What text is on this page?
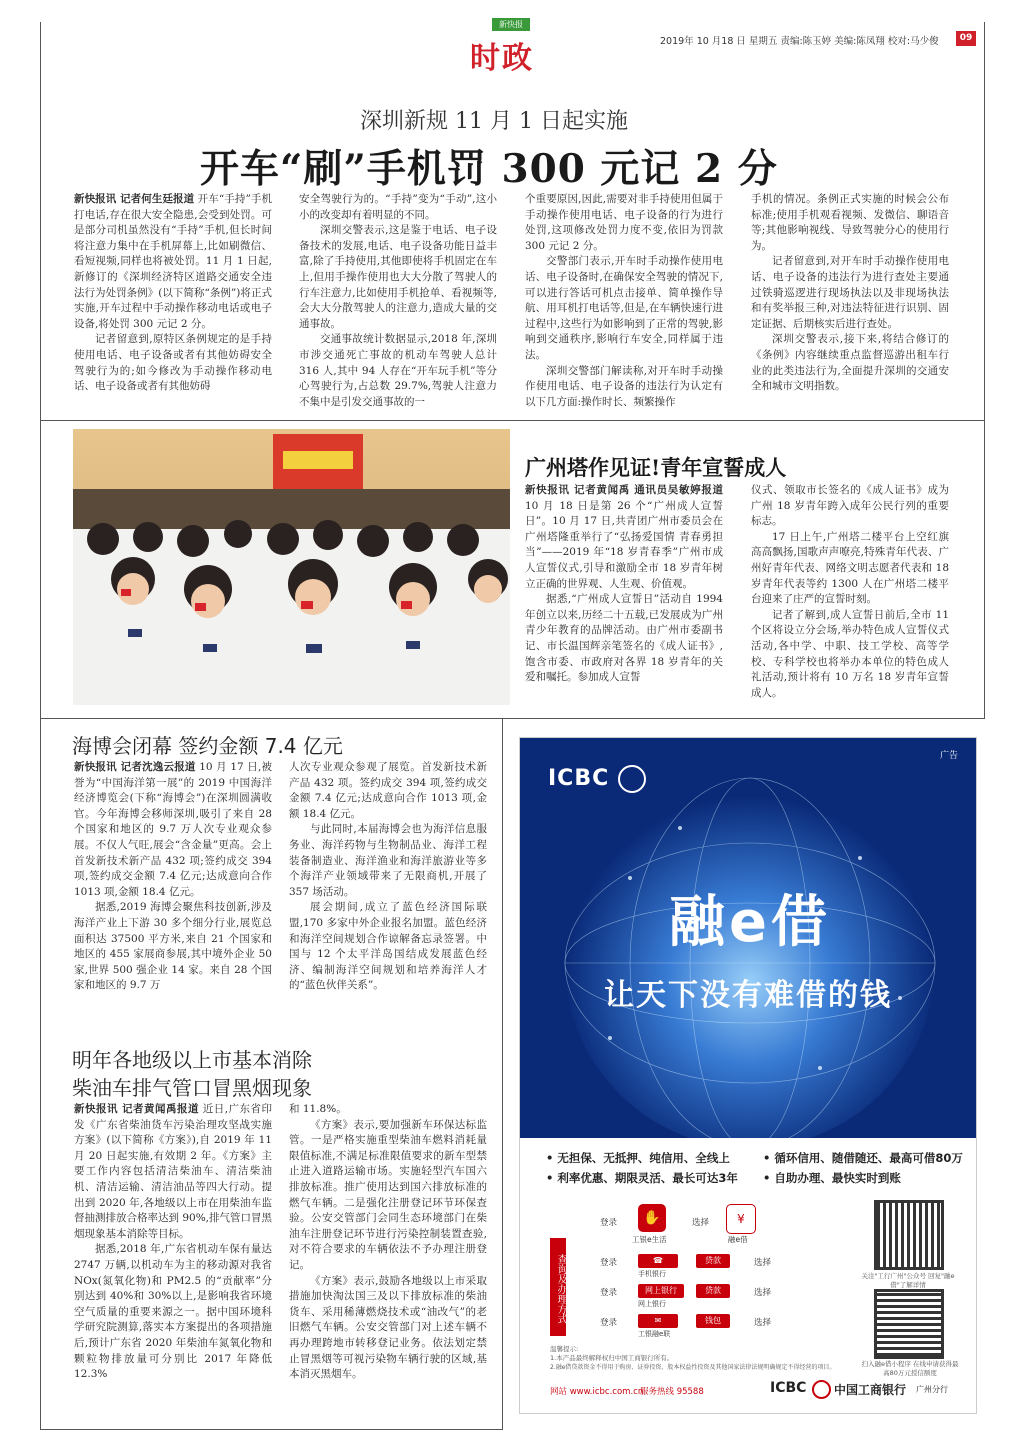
新快报
时政	2019年 10 月18 日 星期五 责编:陈玉婷 美编:陈凤翔 校对:马少俊	09
深圳新规 11 月 1 日起实施
开车“刷”手机罚 300 元记 2 分

新快报讯 记者何生廷报道 开车“手持”手机打电话,存在很大安全隐患,会受到处罚。可是部分司机虽然没有“手持”手机,但长时间将注意力集中在手机屏幕上,比如刷微信、看短视频,同样也将被处罚。11 月 1 日起,新修订的《深圳经济特区道路交通安全违法行为处罚条例》(以下简称“条例”)将正式实施,开车过程中手动操作移动电话或电子设备,将处罚 300 元记 2 分。

记者留意到,原特区条例规定的是手持使用电话、电子设备或者有其他妨碍安全驾驶行为的;如今修改为手动操作移动电话、电子设备或者有其他妨碍

安全驾驶行为的。“手持”变为“手动”,这小小的改变却有着明显的不同。

深圳交警表示,这是鉴于电话、电子设备技术的发展,电话、电子设备功能日益丰富,除了手持使用,其他即使将手机固定在车上,但用手操作使用也大大分散了驾驶人的行车注意力,比如使用手机抢单、看视频等,会大大分散驾驶人的注意力,造成大量的交通事故。

交通事故统计数据显示,2018 年,深圳市涉交通死亡事故的机动车驾驶人总计 316 人,其中 94 人存在“开车玩手机”等分心驾驶行为,占总数 29.7%,驾驶人注意力不集中是引发交通事故的一

个重要原因,因此,需要对非手持使用但属于手动操作使用电话、电子设备的行为进行处罚,这项修改处罚力度不变,依旧为罚款 300 元记 2 分。

交警部门表示,开车时手动操作使用电话、电子设备时,在确保安全驾驶的情况下,可以进行答话可机点击接单、简单操作导航、用耳机打电话等,但是,在车辆快速行进过程中,这些行为如影响到了正常的驾驶,影响到交通秩序,影响行车安全,同样属于违法。

深圳交警部门解读称,对开车时手动操作使用电话、电子设备的违法行为认定有以下几方面:操作时长、频繁操作

手机的情况。条例正式实施的时候会公布标准;使用手机观看视频、发微信、聊语音等;其他影响视线、导致驾驶分心的使用行为。

记者留意到,对开车时手动操作使用电话、电子设备的违法行为进行查处主要通过铁骑巡逻进行现场执法以及非现场执法和有奖举报三种,对违法特征进行识别、固定证据、后期核实后进行查处。

深圳交警表示,接下来,将结合修订的《条例》内容继续重点监督巡游出租车行业的此类违法行为,全面提升深圳的交通安全和城市文明指数。

广州塔作见证!青年宣誓成人

新快报讯 记者黄闻禹 通讯员吴敏婷报道 10 月 18 日是第 26 个“广州成人宣誓日”。10 月 17 日,共青团广州市委员会在广州塔隆重举行了“弘扬爱国情 青春勇担当”——2019 年“18 岁青春季”广州市成人宣誓仪式,引导和激励全市 18 岁青年树立正确的世界观、人生观、价值观。

据悉,“广州成人宣誓日”活动自 1994 年创立以来,历经二十五载,已发展成为广州青少年教育的品牌活动。由广州市委副书记、市长温国辉亲笔签名的《成人证书》,饱含市委、市政府对各界 18 岁青年的关爱和嘱托。参加成人宣誓

仪式、领取市长签名的《成人证书》成为广州 18 岁青年跨入成年公民行列的重要标志。

17 日上午,广州塔二楼平台上空红旗高高飘扬,国歌声声嘹亮,特殊青年代表、广州好青年代表、网络文明志愿者代表和 18 岁青年代表等约 1300 人在广州塔二楼平台迎来了庄严的宣誓时刻。

记者了解到,成人宣誓日前后,全市 11 个区将设立分会场,举办特色成人宣誓仪式活动,各中学、中职、技工学校、高等学校、专科学校也将举办本单位的特色成人礼活动,预计将有 10 万名 18 岁青年宣誓成人。

海博会闭幕 签约金额 7.4 亿元

新快报讯 记者沈逸云报道 10 月 17 日,被誉为“中国海洋第一展”的 2019 中国海洋经济博览会(下称“海博会”)在深圳圆满收官。今年海博会移师深圳,吸引了来自 28 个国家和地区的 9.7 万人次专业观众参展。不仅人气旺,展会“含金量”更高。会上首发新技术新产品 432 项;签约成交 394 项,签约成交金额 7.4 亿元;达成意向合作 1013 项,金额 18.4 亿元。

据悉,2019 海博会聚焦科技创新,涉及海洋产业上下游 30 多个细分行业,展览总面积达 37500 平方米,来自 21 个国家和地区的 455 家展商参展,其中境外企业 50 家,世界 500 强企业 14 家。来自 28 个国家和地区的 9.7 万

人次专业观众参观了展览。首发新技术新产品 432 项。签约成交 394 项,签约成交金额 7.4 亿元;达成意向合作 1013 项,金额 18.4 亿元。

与此同时,本届海博会也为海洋信息服务业、海洋药物与生物制品业、海洋工程装备制造业、海洋渔业和海洋旅游业等多个海洋产业领域带来了无限商机,开展了 357 场活动。

展会期间,成立了蓝色经济国际联盟,170 多家中外企业报名加盟。蓝色经济和海洋空间规划合作谅解备忘录签署。中国与 12 个太平洋岛国结成发展蓝色经济、编制海洋空间规划和培养海洋人才的“蓝色伙伴关系”。

明年各地级以上市基本消除
柴油车排气管口冒黑烟现象

新快报讯 记者黄闻禹报道 近日,广东省印发《广东省柴油货车污染治理攻坚战实施方案》(以下简称《方案》),自 2019 年 11 月 20 日起实施,有效期 2 年。《方案》主要工作内容包括清洁柴油车、清洁柴油机、清洁运输、清洁油品等四大行动。提出到 2020 年,各地级以上市在用柴油车监督抽测排放合格率达到 90%,排气管口冒黑烟现象基本消除等目标。

据悉,2018 年,广东省机动车保有量达 2747 万辆,以机动车为主的移动源对我省 NOx(氮氧化物)和 PM2.5 的“贡献率”分别达到 40%和 30%以上,是影响我省环境空气质量的重要来源之一。据中国环境科学研究院测算,落实本方案提出的各项措施后,预计广东省 2020 年柴油车氮氧化物和颗粒物排放量可分别比 2017 年降低 12.3%

和 11.8%。

《方案》表示,要加强新车环保达标监管。一是严格实施重型柴油车燃料消耗量限值标准,不满足标准限值要求的新车型禁止进入道路运输市场。实施轻型汽车国六排放标准。推广使用达到国六排放标准的燃气车辆。二是强化注册登记环节环保查验。公安交管部门会同生态环境部门在柴油车注册登记环节进行污染控制装置查验,对不符合要求的车辆依法不予办理注册登记。

《方案》表示,鼓励各地级以上市采取措施加快淘汰国三及以下排放标准的柴油货车、采用稀薄燃烧技术或“油改气”的老旧燃气车辆。公安交管部门对上述车辆不再办理跨地市转移登记业务。依法划定禁止冒黑烟等可视污染物车辆行驶的区域,基本消灭黑烟车。

ICBC
广告
融e借
让天下没有难借的钱
• 无担保、无抵押、纯信用、全线上	• 循环信用、随借随还、最高可借80万
• 利率优惠、期限灵活、最长可达3年 • 自助办理、最快实时到账
查询及办理方式
登录	✋
工银e生活
选择	¥
融e借
登录	☎
手机银行
贷款	选择
登录	网上银行
网上银行
贷款	选择
登录	✉
工银融e联
钱包	选择
关注"工行广州"公众号 回复"融e借"了解详情
扫入融e借小程序 在线申请获得最高80万元授信额度
温馨提示:
1.本产品最终解释权归中国工商银行所有。
2.融e借贷款资金不得用于购房、证券投资、股本权益性投资及其他国家法律法规明确规定不得经营的项目。
网站 www.icbc.com.cn
服务热线 95588	ICBC 中国工商银行 广州分行
